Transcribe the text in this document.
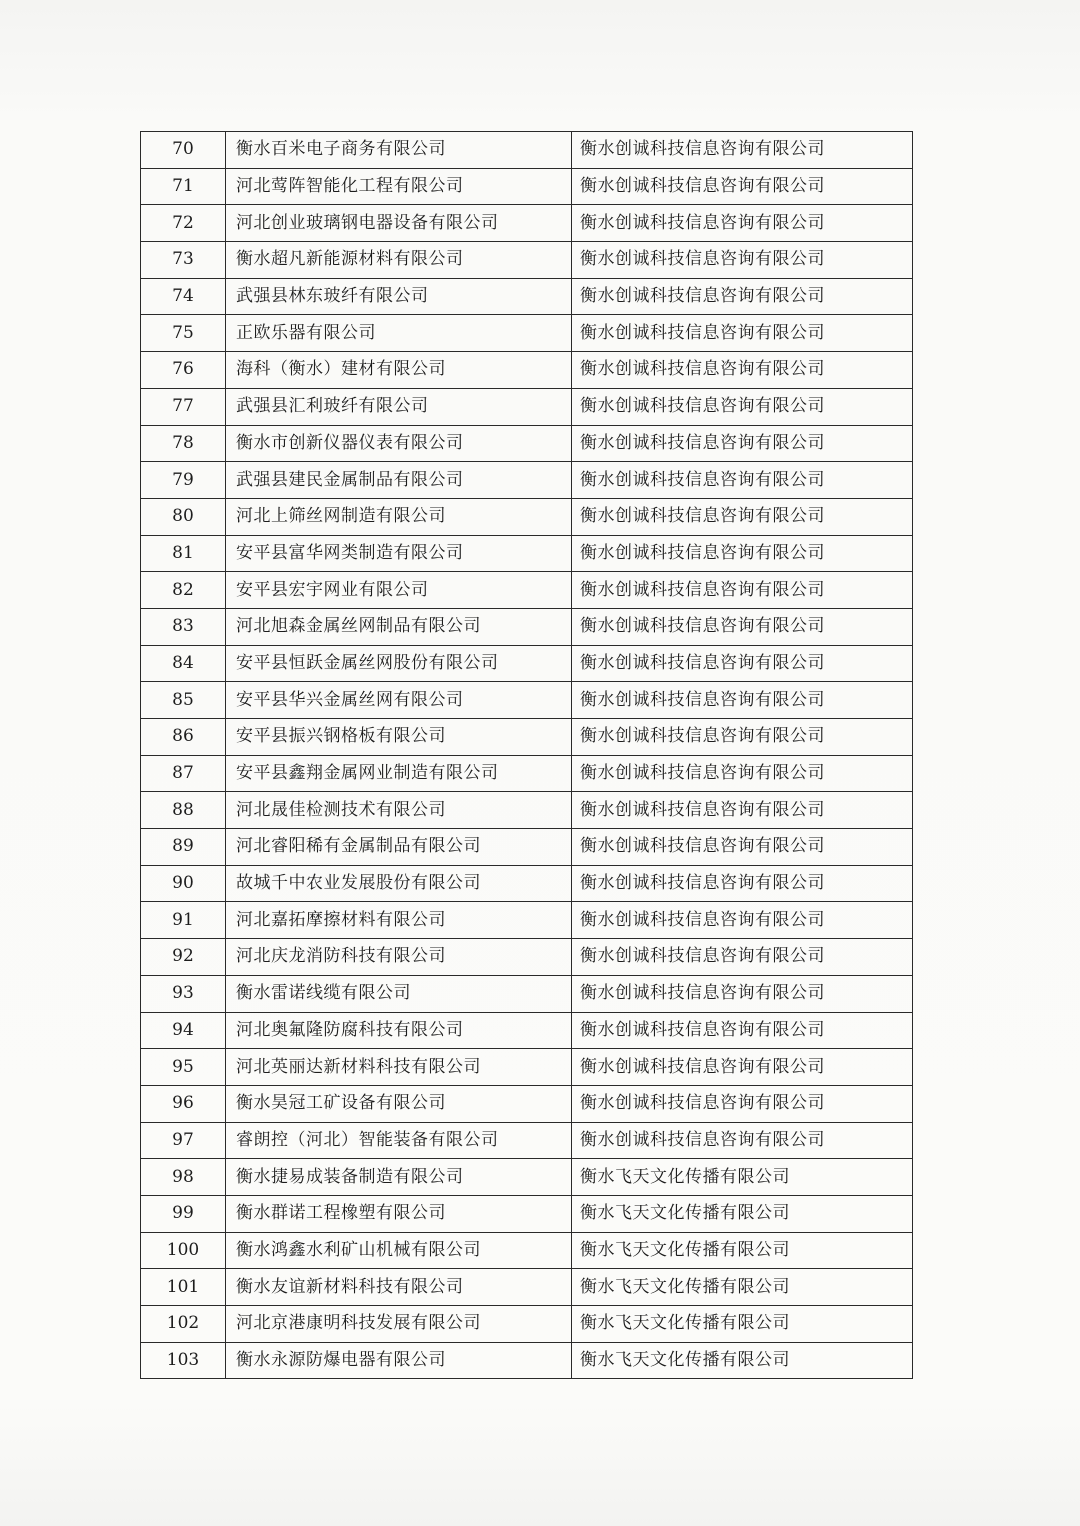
70	衡水百米电子商务有限公司	衡水创诚科技信息咨询有限公司
71	河北莺阵智能化工程有限公司	衡水创诚科技信息咨询有限公司
72	河北创业玻璃钢电器设备有限公司	衡水创诚科技信息咨询有限公司
73	衡水超凡新能源材料有限公司	衡水创诚科技信息咨询有限公司
74	武强县林东玻纤有限公司	衡水创诚科技信息咨询有限公司
75	正欧乐器有限公司	衡水创诚科技信息咨询有限公司
76	海科（衡水）建材有限公司	衡水创诚科技信息咨询有限公司
77	武强县汇利玻纤有限公司	衡水创诚科技信息咨询有限公司
78	衡水市创新仪器仪表有限公司	衡水创诚科技信息咨询有限公司
79	武强县建民金属制品有限公司	衡水创诚科技信息咨询有限公司
80	河北上筛丝网制造有限公司	衡水创诚科技信息咨询有限公司
81	安平县富华网类制造有限公司	衡水创诚科技信息咨询有限公司
82	安平县宏宇网业有限公司	衡水创诚科技信息咨询有限公司
83	河北旭森金属丝网制品有限公司	衡水创诚科技信息咨询有限公司
84	安平县恒跃金属丝网股份有限公司	衡水创诚科技信息咨询有限公司
85	安平县华兴金属丝网有限公司	衡水创诚科技信息咨询有限公司
86	安平县振兴钢格板有限公司	衡水创诚科技信息咨询有限公司
87	安平县鑫翔金属网业制造有限公司	衡水创诚科技信息咨询有限公司
88	河北晟佳检测技术有限公司	衡水创诚科技信息咨询有限公司
89	河北睿阳稀有金属制品有限公司	衡水创诚科技信息咨询有限公司
90	故城千中农业发展股份有限公司	衡水创诚科技信息咨询有限公司
91	河北嘉拓摩擦材料有限公司	衡水创诚科技信息咨询有限公司
92	河北庆龙消防科技有限公司	衡水创诚科技信息咨询有限公司
93	衡水雷诺线缆有限公司	衡水创诚科技信息咨询有限公司
94	河北奥氟隆防腐科技有限公司	衡水创诚科技信息咨询有限公司
95	河北英丽达新材料科技有限公司	衡水创诚科技信息咨询有限公司
96	衡水昊冠工矿设备有限公司	衡水创诚科技信息咨询有限公司
97	睿朗控（河北）智能装备有限公司	衡水创诚科技信息咨询有限公司
98	衡水捷易成装备制造有限公司	衡水飞天文化传播有限公司
99	衡水群诺工程橡塑有限公司	衡水飞天文化传播有限公司
100	衡水鸿鑫水利矿山机械有限公司	衡水飞天文化传播有限公司
101	衡水友谊新材料科技有限公司	衡水飞天文化传播有限公司
102	河北京港康明科技发展有限公司	衡水飞天文化传播有限公司
103	衡水永源防爆电器有限公司	衡水飞天文化传播有限公司
